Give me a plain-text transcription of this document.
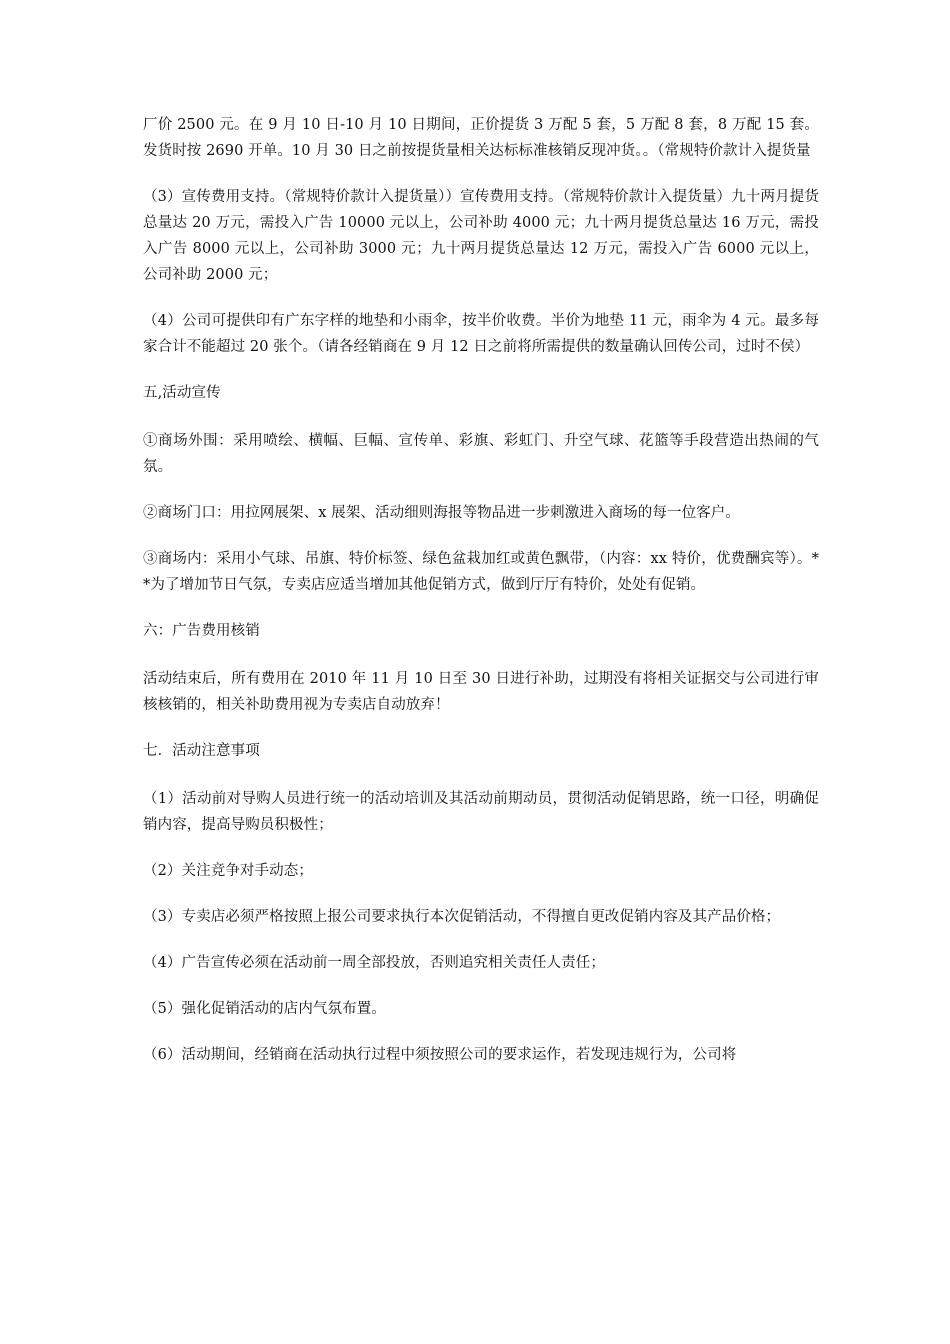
厂价 2500 元。在 9 月 10 日-10 月 10 日期间，正价提货 3 万配 5 套，5 万配 8 套，8 万配 15 套。发货时按 2690 开单。10 月 30 日之前按提货量相关达标标准核销反现冲货。。（常规特价款计入提货量

（3）宣传费用支持。（常规特价款计入提货量））宣传费用支持。（常规特价款计入提货量）九十两月提货总量达 20 万元，需投入广告 10000 元以上，公司补助 4000 元；九十两月提货总量达 16 万元，需投入广告 8000 元以上，公司补助 3000 元；九十两月提货总量达 12 万元，需投入广告 6000 元以上，公司补助 2000 元；

（4）公司可提供印有广东字样的地垫和小雨伞，按半价收费。半价为地垫 11 元，雨伞为 4 元。最多每家合计不能超过 20 张个。（请各经销商在 9 月 12 日之前将所需提供的数量确认回传公司，过时不侯）

五,活动宣传

①商场外围：采用喷绘、横幅、巨幅、宣传单、彩旗、彩虹门、升空气球、花篮等手段营造出热闹的气氛。

②商场门口：用拉网展架、x 展架、活动细则海报等物品进一步刺激进入商场的每一位客户。

③商场内：采用小气球、吊旗、特价标签、绿色盆栽加红或黄色飘带，（内容：xx 特价，优费酬宾等）。**为了增加节日气氛，专卖店应适当增加其他促销方式，做到厅厅有特价，处处有促销。

六：广告费用核销

活动结束后，所有费用在 2010 年 11 月 10 日至 30 日进行补助，过期没有将相关证据交与公司进行审核核销的，相关补助费用视为专卖店自动放弃！

七．活动注意事项

（1）活动前对导购人员进行统一的活动培训及其活动前期动员，贯彻活动促销思路，统一口径，明确促销内容，提高导购员积极性；

（2）关注竞争对手动态；

（3）专卖店必须严格按照上报公司要求执行本次促销活动，不得擅自更改促销内容及其产品价格；

（4）广告宣传必须在活动前一周全部投放，否则追究相关责任人责任；

（5）强化促销活动的店内气氛布置。

（6）活动期间，经销商在活动执行过程中须按照公司的要求运作，若发现违规行为，公司将
